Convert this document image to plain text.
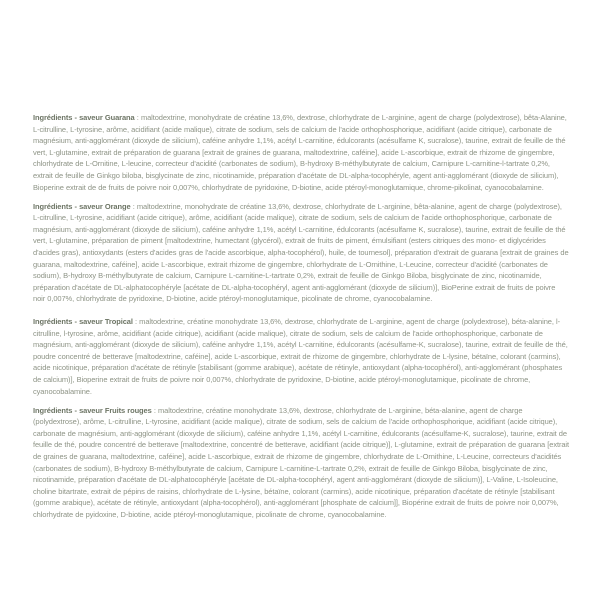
Ingrédients - saveur Guarana : maltodextrine, monohydrate de créatine 13,6%, dextrose, chlorhydrate de L-arginine, agent de charge (polydextrose), bêta-Alanine, L-citrulline, L-tyrosine, arôme, acidifiant (acide malique), citrate de sodium, sels de calcium de l'acide orthophosphorique, acidifiant (acide citrique), carbonate de magnésium, anti-agglomérant (dioxyde de silicium), caféine anhydre 1,1%, acétyl L-carnitine, édulcorants (acésulfame K, sucralose), taurine, extrait de feuille de thé vert, L-glutamine, extrait de préparation de guarana [extrait de graines de guarana, maltodextrine, caféine], acide L-ascorbique, extrait de rhizome de gingembre, chlorhydrate de L-Ornitine, L-leucine, correcteur d'acidité (carbonates de sodium), B-hydroxy B-méthylbutyrate de calcium, Carnipure L-carnitine-l-tartrate 0,2%, extrait de feuille de Ginkgo biloba, bisglycinate de zinc, nicotinamide, préparation d'acétate de DL-alpha-tocophéryle, agent anti-agglomérant (dioxyde de silicium), Bioperine extrait de de fruits de poivre noir 0,007%, chlorhydrate de pyridoxine, D-biotine, acide ptéroyl-monoglutamique, chrome-pikolinat, cyanocobalamine.

Ingrédients - saveur Orange : maltodextrine, monohydrate de créatine 13,6%, dextrose, chlorhydrate de L-arginine, bêta-alanine, agent de charge (polydextrose), L-citrulline, L-tyrosine, acidifiant (acide citrique), arôme, acidifiant (acide malique), citrate de sodium, sels de calcium de l'acide orthophosphorique, carbonate de magnésium, anti-agglomérant (dioxyde de silicium), caféine anhydre 1,1%, acétyl L-carnitine, édulcorants (acésulfame K, sucralose), taurine, extrait de feuille de thé vert, L-glutamine, préparation de piment [maltodextrine, humectant (glycérol), extrait de fruits de piment, émulsifiant (esters citriques des mono- et diglycérides d'acides gras), antioxydants (esters d'acides gras de l'acide ascorbique, alpha-tocophérol), huile, de tournesol], préparation d'extrait de guarana [extrait de graines de guarana, maltodextrine, caféine], acide L-ascorbique, extrait rhizome de gingembre, chlorhydrate de L-Ornithine, L-Leucine, correcteur d'acidité (carbonates de sodium), B-hydroxy B-méthylbutyrate de calcium, Carnipure L-carnitine-L-tartrate 0,2%, extrait de feuille de Ginkgo Biloba, bisglycinate de zinc, nicotinamide, préparation d'acétate de DL-alphatocophéryle [acétate de DL-alpha-tocophéryl, agent anti-agglomérant (dioxyde de silicium)], BioPerine extrait de fruits de poivre noir 0,007%, chlorhydrate de pyridoxine, D-biotine, acide ptéroyl-monoglutamique, picolinate de chrome, cyanocobalamine.

Ingrédients - saveur Tropical : maltodextrine, créatine monohydrate 13,6%, dextrose, chlorhydrate de L-arginine, agent de charge (polydextrose), béta-alanine, l-citrulline, l-tyrosine, arôme, acidifiant (acide citrique), acidifiant (acide malique), citrate de sodium, sels de calcium de l'acide orthophosphorique, carbonate de magnésium, anti-agglomérant (dioxyde de silicium), caféine anhydre 1,1%, acétyl L-carnitine, édulcorants (acésulfame-K, sucralose), taurine, extrait de feuille de thé, poudre concentré de betterave [maltodextrine, caféine], acide L-ascorbique, extrait de rhizome de gingembre, chlorhydrate de L-lysine, bétaïne, colorant (carmins), acide nicotinique, préparation d'acétate de rétinyle [stabilisant (gomme arabique), acétate de rétinyle, antioxydant (alpha-tocophérol), anti-agglomérant (phosphates de calcium)], Bioperine extrait de fruits de poivre noir 0,007%, chlorhydrate de pyridoxine, D-biotine, acide ptéroyl-monoglutamique, picolinate de chrome, cyanocobalamine.

Ingrédients - saveur Fruits rouges : maltodextrine, créatine monohydrate 13,6%, dextrose, chlorhydrate de L-arginine, béta-alanine, agent de charge (polydextrose), arôme, L-citrulline, L-tyrosine, acidifiant (acide malique), citrate de sodium, sels de calcium de l'acide orthophosphorique, acidifiant (acide citrique), carbonate de magnésium, anti-agglomérant (dioxyde de silicium), caféine anhydre 1,1%, acétyl L-carnitine, édulcorants (acésulfame-K, sucralose), taurine, extrait de feuille de thé, poudre concentré de betterave [maltodextrine, concentré de betterave, acidifiant (acide citrique)], L-glutamine, extrait de préparation de guarana [extrait de graines de guarana, maltodextrine, caféine], acide L-ascorbique, extrait de rhizome de gingembre, chlorhydrate de L-Ornithine, L-Leucine, correcteurs d'acidités (carbonates de sodium), B-hydroxy B-méthylbutyrate de calcium, Carnipure L-carnitine-L-tartrate 0,2%, extrait de feuille de Ginkgo Biloba, bisglycinate de zinc, nicotinamide, préparation d'acétate de DL-alphatocophéryle [acétate de DL-alpha-tocophéryl, agent anti-agglomérant (dioxyde de silicium)], L-Valine, L-Isoleucine, choline bitartrate, extrait de pépins de raisins, chlorhydrate de L-lysine, bétaïne, colorant (carmins), acide nicotinique, préparation d'acétate de rétinyle [stabilisant (gomme arabique), acétate de rétinyle, antioxydant (alpha-tocophérol), anti-agglomérant [phosphate de calcium]], Biopérine extrait de fruits de poivre noir 0,007%, chlorhydrate de pyidoxine, D-biotine, acide ptéroyl-monoglutamique, picolinate de chrome, cyanocobalamine.
